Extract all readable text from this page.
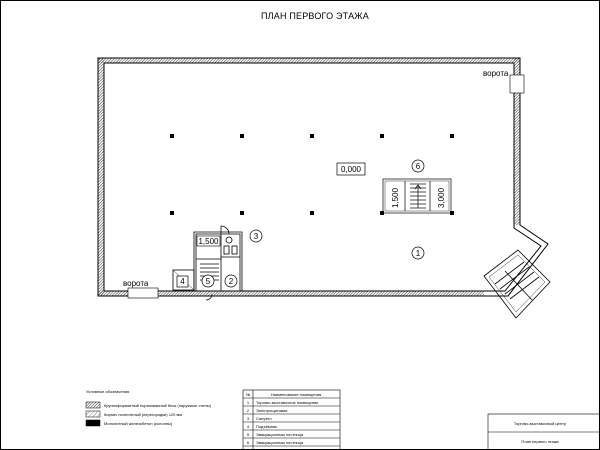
ПЛАН ПЕРВОГО ЭТАЖА
ворота
ворота
0,000
1,500	3,000
1,500
1
2
3
4	5
6
Условные обозначения
Крупноформатный поризованный блок (наружные стены)
Кирпич полнотелый (перегородки) 120 мм
Монолитный железобетон (колонны)
№	Наименование помещения
1 Торгово-выставочное помещение
2 Электрощитовая
3 Санузел
4 Подъёмник
5 Эвакуационная лестница
6 Эвакуационная лестница
Торгово-выставочный центр
План первого этажа
